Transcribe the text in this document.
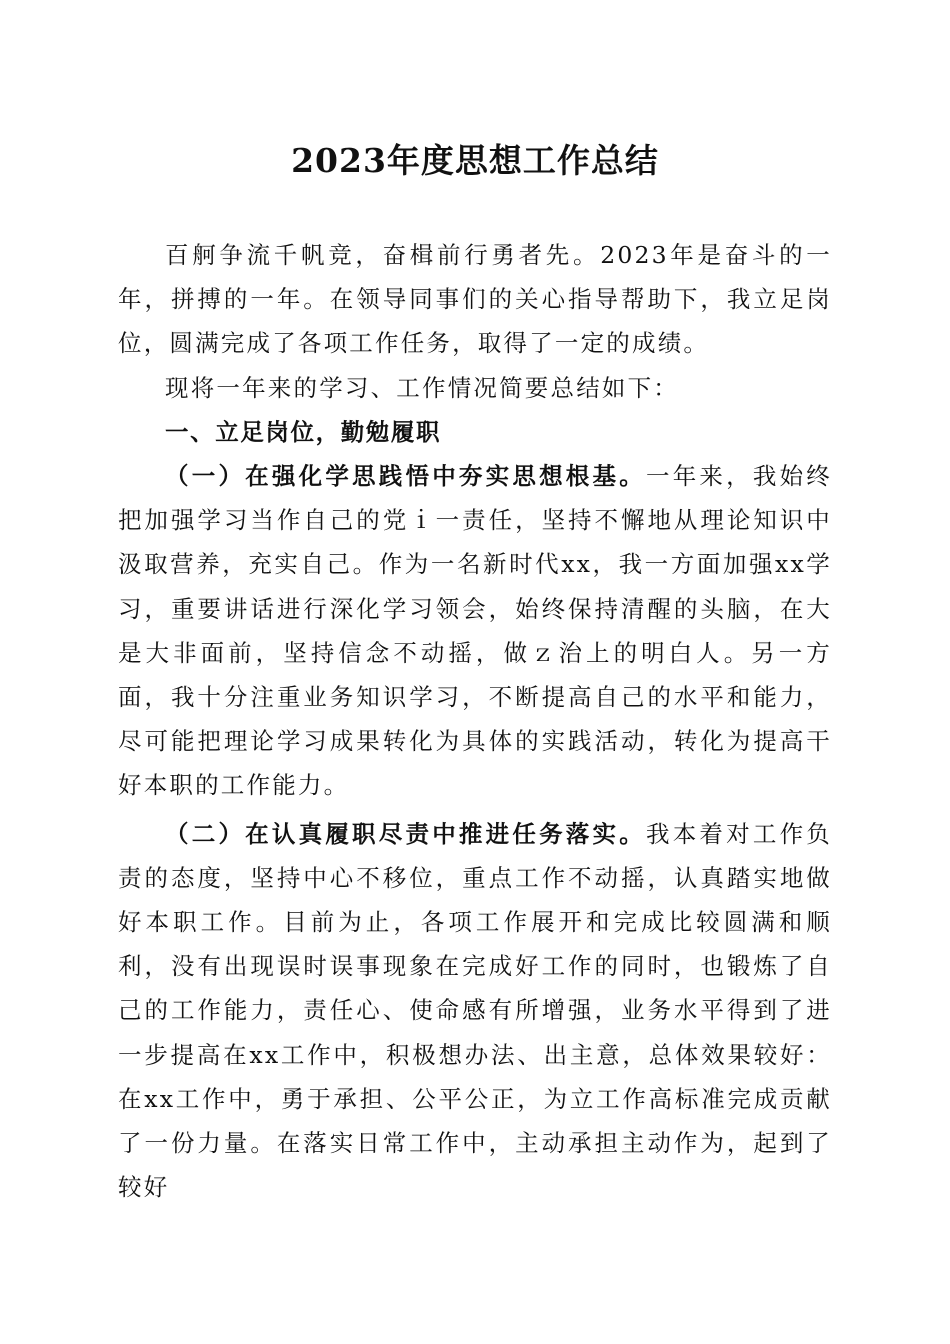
2023年度思想工作总结

百舸争流千帆竞，奋楫前行勇者先。2023年是奋斗的一年，拼搏的一年。在领导同事们的关心指导帮助下，我立足岗位，圆满完成了各项工作任务，取得了一定的成绩。

现将一年来的学习、工作情况简要总结如下：

一、立足岗位，勤勉履职

（一）在强化学思践悟中夯实思想根基。一年来，我始终把加强学习当作自己的党ｉ一责任，坚持不懈地从理论知识中汲取营养，充实自己。作为一名新时代xx，我一方面加强xx学习，重要讲话进行深化学习领会，始终保持清醒的头脑，在大是大非面前，坚持信念不动摇，做ｚ治上的明白人。另一方面，我十分注重业务知识学习，不断提高自己的水平和能力，尽可能把理论学习成果转化为具体的实践活动，转化为提高干好本职的工作能力。

（二）在认真履职尽责中推进任务落实。我本着对工作负责的态度，坚持中心不移位，重点工作不动摇，认真踏实地做好本职工作。目前为止，各项工作展开和完成比较圆满和顺利，没有出现误时误事现象在完成好工作的同时，也锻炼了自己的工作能力，责任心、使命感有所增强，业务水平得到了进一步提高在xx工作中，积极想办法、出主意，总体效果较好：在xx工作中，勇于承担、公平公正，为立工作高标准完成贡献了一份力量。在落实日常工作中，主动承担主动作为，起到了较好
